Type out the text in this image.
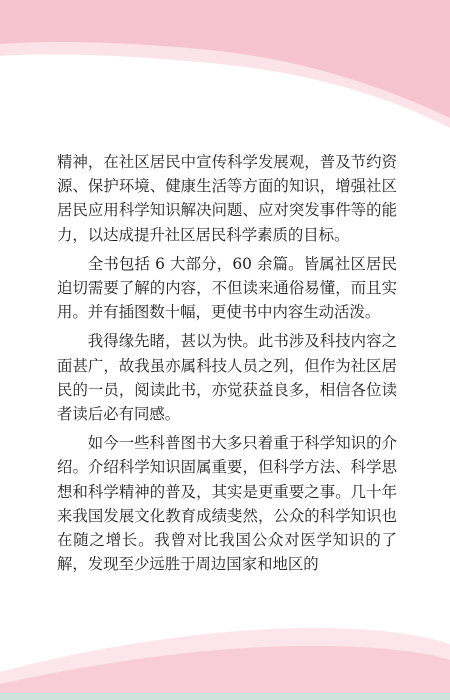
精神，在社区居民中宣传科学发展观，普及节约资源、保护环境、健康生活等方面的知识，增强社区居民应用科学知识解决问题、应对突发事件等的能力，以达成提升社区居民科学素质的目标。

全书包括 6 大部分，60 余篇。皆属社区居民迫切需要了解的内容，不但读来通俗易懂，而且实用。并有插图数十幅，更使书中内容生动活泼。

我得缘先睹，甚以为快。此书涉及科技内容之面甚广，故我虽亦属科技人员之列，但作为社区居民的一员，阅读此书，亦觉获益良多，相信各位读者读后必有同感。

如今一些科普图书大多只着重于科学知识的介绍。介绍科学知识固属重要，但科学方法、科学思想和科学精神的普及，其实是更重要之事。几十年来我国发展文化教育成绩斐然，公众的科学知识也在随之增长。我曾对比我国公众对医学知识的了解，发现至少远胜于周边国家和地区的
